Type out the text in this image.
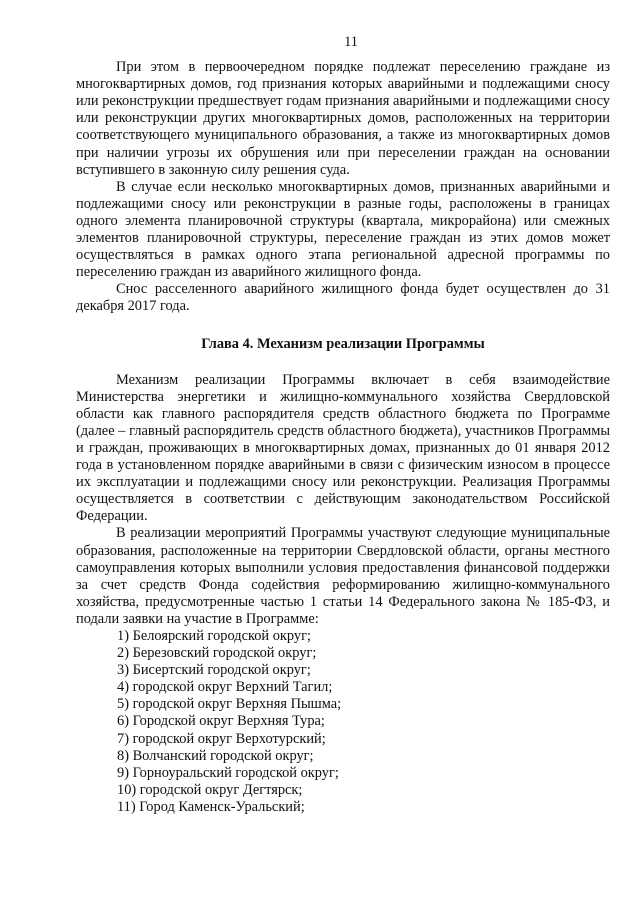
11

При этом в первоочередном порядке подлежат переселению граждане из многоквартирных домов, год признания которых аварийными и подлежащими сносу или реконструкции предшествует годам признания аварийными и подлежащими сносу или реконструкции других многоквартирных домов, расположенных на территории соответствующего муниципального образования, а также из многоквартирных домов при наличии угрозы их обрушения или при переселении граждан на основании вступившего в законную силу решения суда.

В случае если несколько многоквартирных домов, признанных аварийными и подлежащими сносу или реконструкции в разные годы, расположены в границах одного элемента планировочной структуры (квартала, микрорайона) или смежных элементов планировочной структуры, переселение граждан из этих домов может осуществляться в рамках одного этапа региональной адресной программы по переселению граждан из аварийного жилищного фонда.

Снос расселенного аварийного жилищного фонда будет осуществлен до 31 декабря 2017 года.

Глава 4. Механизм реализации Программы

Механизм реализации Программы включает в себя взаимодействие Министерства энергетики и жилищно-коммунального хозяйства Свердловской области как главного распорядителя средств областного бюджета по Программе (далее – главный распорядитель средств областного бюджета), участников Программы и граждан, проживающих в многоквартирных домах, признанных до 01 января 2012 года в установленном порядке аварийными в связи с физическим износом в процессе их эксплуатации и подлежащими сносу или реконструкции. Реализация Программы осуществляется в соответствии с действующим законодательством Российской Федерации.

В реализации мероприятий Программы участвуют следующие муниципальные образования, расположенные на территории Свердловской области, органы местного самоуправления которых выполнили условия предоставления финансовой поддержки за счет средств Фонда содействия реформированию жилищно-коммунального хозяйства, предусмотренные частью 1 статьи 14 Федерального закона № 185-ФЗ, и подали заявки на участие в Программе:

1) Белоярский городской округ;
2) Березовский городской округ;
3) Бисертский городской округ;
4) городской округ Верхний Тагил;
5) городской округ Верхняя Пышма;
6) Городской округ Верхняя Тура;
7) городской округ Верхотурский;
8) Волчанский городской округ;
9) Горноуральский городской округ;
10) городской округ Дегтярск;
11) Город Каменск-Уральский;
